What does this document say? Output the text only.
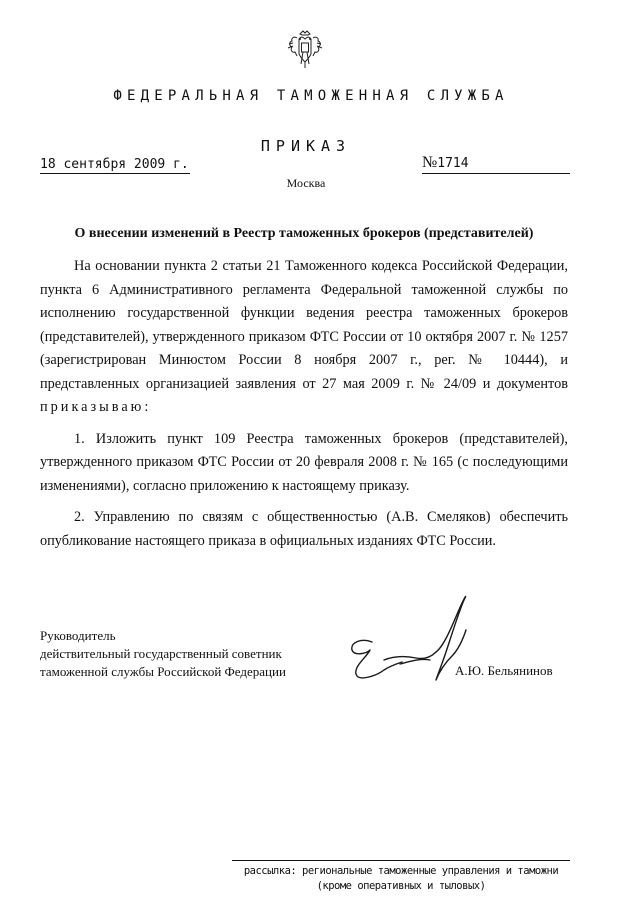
ФЕДЕРАЛЬНАЯ ТАМОЖЕННАЯ СЛУЖБА
ПРИКАЗ
18 сентября 2009 г.	№1714
Москва
О внесении изменений в Реестр таможенных брокеров (представителей)

На основании пункта 2 статьи 21 Таможенного кодекса Российской Федерации, пункта 6 Административного регламента Федеральной таможенной службы по исполнению государственной функции ведения реестра таможенных брокеров (представителей), утвержденного приказом ФТС России от 10 октября 2007 г. № 1257 (зарегистрирован Минюстом России 8 ноября 2007 г., рег. № 10444), и представленных организацией заявления от 27 мая 2009 г. № 24/09 и документов приказываю:

1. Изложить пункт 109 Реестра таможенных брокеров (представителей), утвержденного приказом ФТС России от 20 февраля 2008 г. № 165 (с последующими изменениями), согласно приложению к настоящему приказу.

2. Управлению по связям с общественностью (А.В. Смеляков) обеспечить опубликование настоящего приказа в официальных изданиях ФТС России.

Руководитель
действительный государственный советник
таможенной службы Российской Федерации	А.Ю. Бельянинов
рассылка: региональные таможенные управления и таможни
(кроме оперативных и тыловых)
